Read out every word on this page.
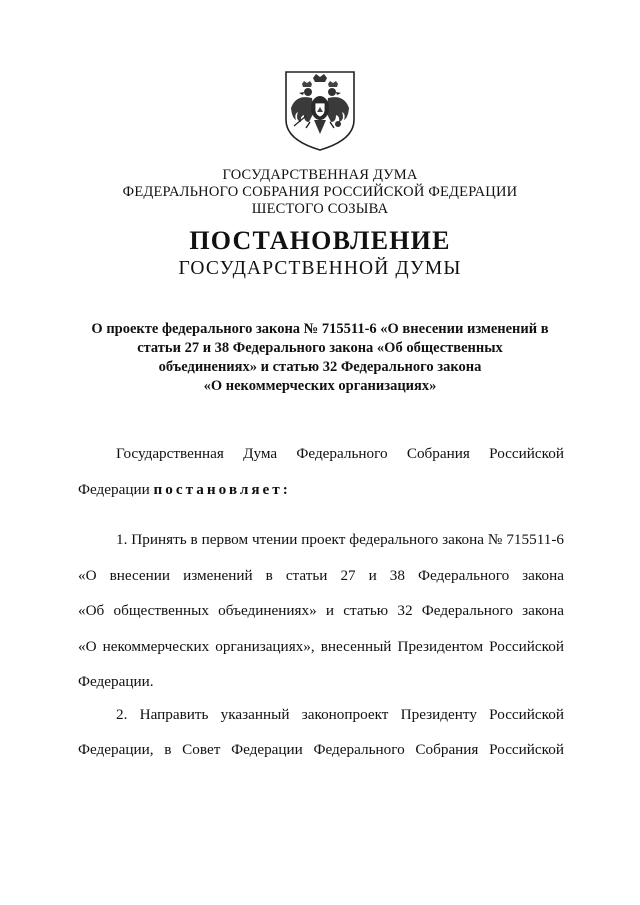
ГОСУДАРСТВЕННАЯ ДУМА
ФЕДЕРАЛЬНОГО СОБРАНИЯ РОССИЙСКОЙ ФЕДЕРАЦИИ
ШЕСТОГО СОЗЫВА
ПОСТАНОВЛЕНИЕ
ГОСУДАРСТВЕННОЙ ДУМЫ
О проекте федерального закона № 715511-6 «О внесении изменений в
статьи 27 и 38 Федерального закона «Об общественных
объединениях» и статью 32 Федерального закона
«О некоммерческих организациях»
Государственная Дума Федерального Собрания Российской
Федерации постановляет:
1. Принять в первом чтении проект федерального закона № 715511-6
«О внесении изменений в статьи 27 и 38 Федерального закона
«Об общественных объединениях» и статью 32 Федерального закона
«О некоммерческих организациях», внесенный Президентом Российской
Федерации.
2. Направить указанный законопроект Президенту Российской
Федерации, в Совет Федерации Федерального Собрания Российской
